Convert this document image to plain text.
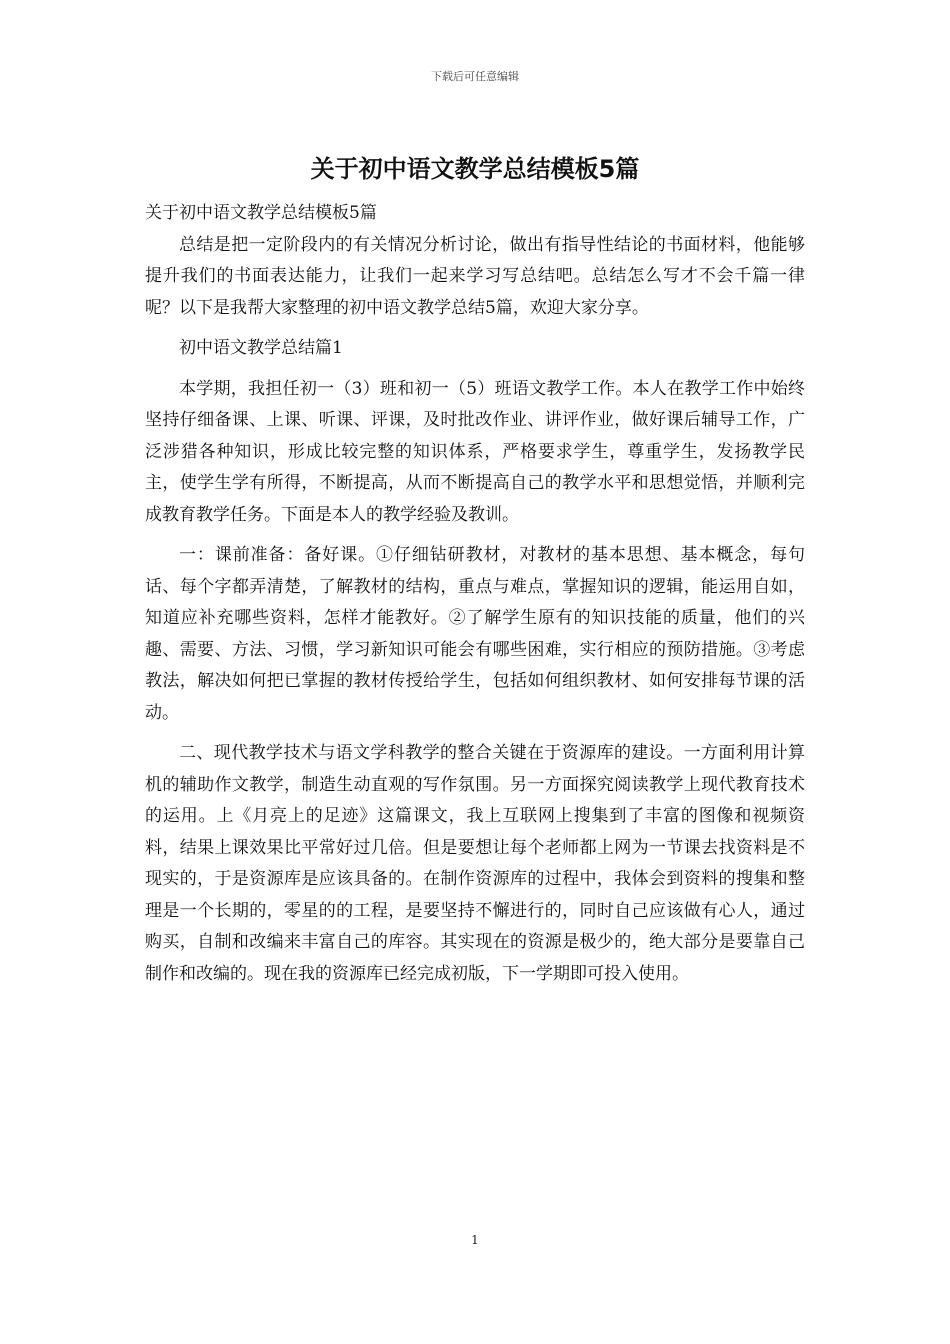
下载后可任意编辑
关于初中语文教学总结模板5篇

关于初中语文教学总结模板5篇

总结是把一定阶段内的有关情况分析讨论，做出有指导性结论的书面材料，他能够提升我们的书面表达能力，让我们一起来学习写总结吧。总结怎么写才不会千篇一律呢？以下是我帮大家整理的初中语文教学总结5篇，欢迎大家分享。

初中语文教学总结篇1

本学期，我担任初一（3）班和初一（5）班语文教学工作。本人在教学工作中始终坚持仔细备课、上课、听课、评课，及时批改作业、讲评作业，做好课后辅导工作，广泛涉猎各种知识，形成比较完整的知识体系，严格要求学生，尊重学生，发扬教学民主，使学生学有所得，不断提高，从而不断提高自己的教学水平和思想觉悟，并顺利完成教育教学任务。下面是本人的教学经验及教训。

一：课前准备：备好课。①仔细钻研教材，对教材的基本思想、基本概念，每句话、每个字都弄清楚，了解教材的结构，重点与难点，掌握知识的逻辑，能运用自如，知道应补充哪些资料，怎样才能教好。②了解学生原有的知识技能的质量，他们的兴趣、需要、方法、习惯，学习新知识可能会有哪些困难，实行相应的预防措施。③考虑教法，解决如何把已掌握的教材传授给学生，包括如何组织教材、如何安排每节课的活动。

二、现代教学技术与语文学科教学的整合关键在于资源库的建设。一方面利用计算机的辅助作文教学，制造生动直观的写作氛围。另一方面探究阅读教学上现代教育技术的运用。上《月亮上的足迹》这篇课文，我上互联网上搜集到了丰富的图像和视频资料，结果上课效果比平常好过几倍。但是要想让每个老师都上网为一节课去找资料是不现实的，于是资源库是应该具备的。在制作资源库的过程中，我体会到资料的搜集和整理是一个长期的，零星的的工程，是要坚持不懈进行的，同时自己应该做有心人，通过购买，自制和改编来丰富自己的库容。其实现在的资源是极少的，绝大部分是要靠自己制作和改编的。现在我的资源库已经完成初版，下一学期即可投入使用。

1
